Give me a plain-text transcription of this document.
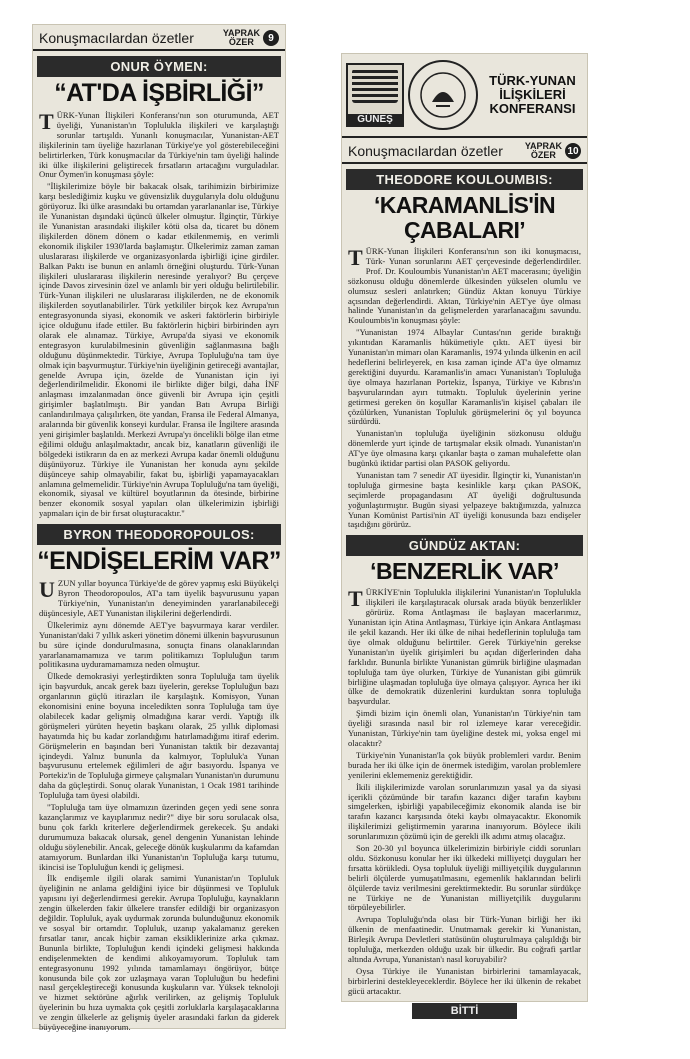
Konuşmacılardan özetler	YAPRAK
ÖZER	9
ONUR ÖYMEN:
“AT'DA İŞBİRLİĞİ”

TÜRK-Yunan İlişkileri Konferansı'nın son oturumunda, AET üyeliği, Yunanistan'ın Toplulukla ilişkileri ve karşılaştığı sorunlar tartışıldı. Yunanlı konuşmacılar, Yunanistan-AET ilişkilerinin tam üyeliğe hazırlanan Türkiye'ye yol gösterebileceğini belirtirlerken, Türk konuşmacılar da Türkiye'nin tam üyeliği halinde iki ülke ilişkilerini geliştirecek fırsatların artacağını vurguladılar. Onur Öymen'in konuşması şöyle:

"İlişkilerimize böyle bir bakacak olsak, tarihimizin birbirimize karşı beslediğimiz kuşku ve güvensizlik duygularıyla dolu olduğunu görüyoruz. İki ülke arasındaki bu ortamdan yararlananlar ise, Türkiye ile Yunanistan dışındaki üçüncü ülkeler olmuştur. İlginçtir, Türkiye ile Yunanistan arasındaki ilişkiler kötü olsa da, ticaret bu dönem ilişkilerden dönem dönem o kadar etkilenmemiş, en verimli ekonomik ilişkiler 1930'larda başlamıştır. Ülkelerimiz zaman zaman uluslararası ilişkilerde ve organizasyonlarda işbirliği içine girdiler. Balkan Paktı ise bunun en anlamlı örneğini oluşturdu. Türk-Yunan ilişkileri uluslararası ilişkilerin neresinde yeralıyor? Bu çerçeve içinde Davos zirvesinin özel ve anlamlı bir yeri olduğu belirtilebilir. Türk-Yunan ilişkileri ne uluslararası ilişkilerden, ne de ekonomik ilişkilerden soyutlanabilirler. Türk yetkililer birçok kez Avrupa'nın entegrasyonunda siyasi, ekonomik ve askeri faktörlerin birbiriyle içice olduğunu ifade ettiler. Bu faktörlerin hiçbiri birbirinden ayrı olarak ele alınamaz. Türkiye, Avrupa'da siyasi ve ekonomik entegrasyon kurulabilmesinin güvenliğin sağlanmasına bağlı olduğunu düşünmektedir. Türkiye, Avrupa Topluluğu'na tam üye olmak için başvurmuştur. Türkiye'nin üyeliğinin getireceği avantajlar, genelde Avrupa için, özelde de Yunanistan için iyi değerlendirilmelidir. Ekonomi ile birlikte diğer bilgi, daha İNF anlaşması imzalanmadan önce güvenli bir Avrupa için çeşitli girişimler başlatılmıştı. Bir yandan Batı Avrupa Birliği canlandırılmaya çalışılırken, öte yandan, Fransa ile Federal Almanya, aralarında bir güvenlik konseyi kurdular. Fransa ile İngiltere arasında yeni girişimler başlatıldı. Merkezi Avrupa'yı öncelikli bölge ilan etme eğilimi olduğu anlaşılmaktadır, ancak biz, kanatların güvenliği ile bölgedeki istikrarın da en az merkezi Avrupa kadar önemli olduğunu düşünüyoruz. Türkiye ile Yunanistan her konuda aynı şekilde düşünceye sahip olmayabilir, fakat bu, işbirliği yapamayacakları anlamına gelmemelidir. Türkiye'nin Avrupa Topluluğu'na tam üyeliği, ekonomik, siyasal ve kültürel boyutlarının da ötesinde, birbirine benzer ekonomik sosyal yapıları olan ülkelerimizin işbirliği yapmaları için de bir fırsat oluşturacaktır."

BYRON THEODOROPOULOS:
“ENDİŞELERİM VAR”

UZUN yıllar boyunca Türkiye'de de görev yapmış eski Büyükelçi Byron Theodoropoulos, AT'a tam üyelik başvurusunu yapan Türkiye'nin, Yunanistan'ın deneyiminden yararlanabileceği düşüncesiyle, AET Yunanistan ilişkilerini değerlendirdi.

Ülkelerimiz aynı dönemde AET'ye başvurmaya karar verdiler. Yunanistan'daki 7 yıllık askeri yönetim dönemi ülkenin başvurusunun bu süre içinde dondurulmasına, sonuçta finans olanaklarından yararlanamamamıza ve tarım politikamızı Topluluğun tarım politikasına uyduramamamıza neden olmuştur.

Ülkede demokrasiyi yerleştirdikten sonra Topluluğa tam üyelik için başvurduk, ancak gerek bazı üyelerin, gerekse Topluluğun bazı organlarının güçlü itirazları ile karşılaştık. Komisyon, Yunan ekonomisini enine boyuna inceledikten sonra Topluluğa tam üye olabilecek kadar gelişmiş olmadığına karar verdi. Yaptığı ilk görüşmeleri yürüten heyetin başkanı olarak, 25 yıllık diplomasi hayatımda hiç bu kadar zorlandığımı hatırlamadığımı itiraf ederim. Görüşmelerin en başından beri Yunanistan taktik bir dezavantaj içindeydi. Yalnız bununla da kalmıyor, Topluluk'a Yunan başvurusunu ertelemek eğilimleri de ağır basıyordu. İspanya ve Portekiz'in de Topluluğa girmeye çalışmaları Yunanistan'ın durumunu daha da güçleştirdi. Sonuç olarak Yunanistan, 1 Ocak 1981 tarihinde Topluluğa tam üyesi olabildi.

"Topluluğa tam üye olmamızın üzerinden geçen yedi sene sonra kazançlarımız ve kayıplarımız nedir?" diye bir soru sorulacak olsa, bunu çok farklı kriterlere değerlendirmek gerekecek. Şu andaki durumumuza bakacak olursak, genel dengenin Yunanistan lehinde olduğu söylenebilir. Ancak, geleceğe dönük kuşkularımı da kafamdan atamıyorum. Bunlardan ilki Yunanistan'ın Topluluğa karşı tutumu, ikincisi ise Topluluğun kendi iç gelişmesi.

İlk endişemle ilgili olarak samimi Yunanistan'ın Topluluk üyeliğinin ne anlama geldiğini iyice bir düşünmesi ve Topluluk yapısını iyi değerlendirmesi gerekir. Avrupa Topluluğu, kaynakların zengin ülkelerden fakir ülkelere transfer edildiği bir organizasyon değildir. Topluluk, ayak uydurmak zorunda bulunduğunuz ekonomik ve sosyal bir ortamdır. Topluluk, uzanıp yakalamanız gereken fırsatlar tanır, ancak hiçbir zaman eksikliklerinize arka çıkmaz. Bununla birlikte, Topluluğun kendi içindeki gelişmesi hakkında endişelenmekten de kendimi alıkoyamıyorum. Topluluk tam entegrasyonunu 1992 yılında tamamlamayı öngörüyor, bütçe konusunda bile çok zor uzlaşmaya varan Topluluğun bu hedefini nasıl gerçekleştireceği konusunda kuşkuların var. Yüksek teknoloji ve hizmet sektörüne ağırlık verilirken, az gelişmiş Topluluk üyelerinin bu hıza uymakta çok çeşitli zorluklarla karşılaşacaklarına ve zengin ülkelerle az gelişmiş üyeler arasındaki farkın da giderek büyüyeceğine inanıyorum.

GÜNEŞ
TÜRK-YUNAN İLİŞKİLERİ KONFERANSI
Konuşmacılardan özetler YAPRAK
ÖZER	10
THEODORE KOULOUMBIS:
‘KARAMANLİS'İN ÇABALARI’

TÜRK-Yunan İlişkileri Konferansı'nın son iki konuşmacısı, Türk- Yunan sorunlarını AET çerçevesinde değerlendirdiler. Prof. Dr. Kouloumbis Yunanistan'ın AET macerasını; üyeliğin sözkonusu olduğu dönemlerde ülkesinden yükselen olumlu ve olumsuz sesleri anlatırken; Gündüz Aktan konuyu Türkiye açısından değerlendirdi. Aktan, Türkiye'nin AET'ye üye olması halinde Yunanistan'ın da gelişmelerden yararlanacağını savundu. Kouloumbis'in konuşması şöyle:

"Yunanistan 1974 Albaylar Cuntası'nın geride bıraktığı yıkıntıdan Karamanlis hükümetiyle çıktı. AET üyesi bir Yunanistan'ın mimarı olan Karamanlis, 1974 yılında ülkenin en acil hedeflerini belirleyerek, en kısa zaman içinde AT'a üye olmamız gerektiğini duyurdu. Karamanlis'in amacı Yunanistan'ı Topluluğa üye olmaya hazırlanan Portekiz, İspanya, Türkiye ve Kıbrıs'ın başvurularından ayırı tutmaktı. Topluluk üyelerinin yerine getirmesi gereken ön koşullar Karamanlis'in kişisel çabaları ile çözülürken, Yunanistan Topluluk görüşmelerini öç yıl boyunca sürdürdü.

Yunanistan'ın topluluğa üyeliğinin sözkonusu olduğu dönemlerde yurt içinde de tartışmalar eksik olmadı. Yunanistan'ın AT'ye üye olmasına karşı çıkanlar başta o zaman muhalefette olan bugünkü iktidar partisi olan PASOK geliyordu.

Yunanistan tam 7 senedir AT üyesidir. İlginçtir ki, Yunanistan'ın topluluğa girmesine başta kesinlikle karşı çıkan PASOK, seçimlerde propagandasını AT üyeliği doğrultusunda yoğunlaştırmıştır. Bugün siyasi yelpazeye baktığımızda, yalnızca Yunan Komünist Partisi'nin AT üyeliği konusunda bazı endişeler taşıdığını görürüz.

GÜNDÜZ AKTAN:
‘BENZERLİK VAR’

TÜRKİYE'nin Toplulukla ilişkilerini Yunanistan'ın Toplulukla ilişkileri ile karşılaştıracak olursak arada büyük benzerlikler görürüz. Roma Antlaşması ile başlayan macerlarımız, Yunanistan için Atina Antlaşması, Türkiye için Ankara Antlaşması ile şekil kazandı. Her iki ülke de nihai hedeflerinin topluluğa tam üye olmak olduğunu belirttiler. Gerek Türkiye'nin gerekse Yunanistan'ın üyelik girişimleri bu açıdan diğerlerinden daha farklıdır. Bununla birlikte Yunanistan gümrük birliğine ulaşmadan topluluğa tam üye olurken, Türkiye de Yunanistan gibi gümrük birliğine ulaşmadan topluluğa üye olmaya çalışıyor. Ayrıca her iki ülke de demokratik düzenlerini kurduktan sonra topluluğa başvurdular.

Şimdi bizim için önemli olan, Yunanistan'ın Türkiye'nin tam üyeliği sırasında nasıl bir rol izlemeye karar vereceğidir. Yunanistan, Türkiye'nin tam üyeliğine destek mi, yoksa engel mi olacaktır?

Türkiye'nin Yunanistan'la çok büyük problemleri vardır. Benim burada her iki ülke için de önermek istediğim, varolan problemlere yenilerini eklememeniz gerektiğidir.

İkili ilişkilerimizde varolan sorunlarımızın yasal ya da siyasi içerikli çözümünde bir tarafın kazancı diğer tarafın kaybını simgelerken, işbirliği yapabileceğimiz ekonomik alanda ise bir tarafın kazancı karşısında öteki kaybı olmayacaktır. Ekonomik ilişkilerimizi geliştirmemin yararına inanıyorum. Böylece ikili sorunlarımızın çözümü için de gerekli ilk adımı atmış olacağız.

Son 20-30 yıl boyunca ülkelerimizin birbiriyle ciddi sorunları oldu. Sözkonusu konular her iki ülkedeki milliyetçi duyguları her fırsatta körükledi. Oysa topluluk üyeliği milliyetçilik duygularının belirli ölçülerde yumuşatılmasını, egemenlik haklarından belirli ölçülerde taviz verilmesini gerektirmektedir. Bu sorunlar sürdükçe ne Türkiye ne de Yunanistan milliyetçilik duygularını törpüleyebilirler.

Avrupa Topluluğu'nda olası bir Türk-Yunan birliği her iki ülkenin de menfaatinedir. Unutmamak gerekir ki Yunanistan, Birleşik Avrupa Devletleri statüsünün oluşturulmaya çalışıldığı bir topluluğa, merkezden olduğu uzak bir ülkedir. Bu coğrafi şartlar altında Avrupa, Yunanistan'ı nasıl koruyabilir?

Oysa Türkiye ile Yunanistan birbirlerini tamamlayacak, birbirlerini destekleyeceklerdir. Böylece her iki ülkenin de rekabet gücü artacaktır.

BİTTİ
